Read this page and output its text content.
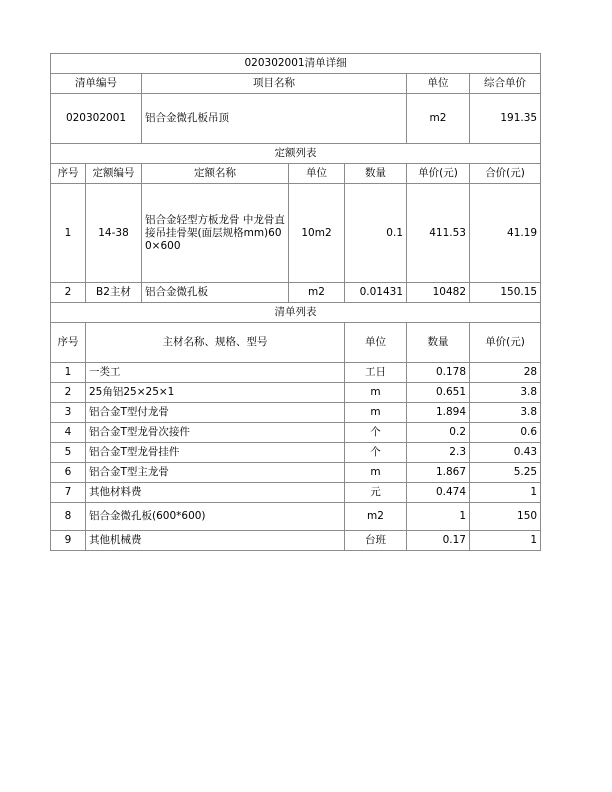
020302001清单详细							
清单编号		项目名称			单位	综合单价	
020302001		铝合金微孔板吊顶			m2	191.35	
定额列表							
序号	定额编号	定额名称	单位	数量	单价(元)	合价(元)	
1	14-38	铝合金轻型方板龙骨 中龙骨直接吊挂骨架(面层规格mm)600×600	10m2	0.1	411.53	41.19	
2	B2主材	铝合金微孔板	m2	0.01431	10482	150.15	
清单列表							
序号	主材名称、规格、型号			单位	数量	单价(元)	
1	一类工			工日	0.178	28	
2	25角铝25×25×1			m	0.651	3.8	
3	铝合金T型付龙骨			m	1.894	3.8	
4	铝合金T型龙骨次接件			个	0.2	0.6	
5	铝合金T型龙骨挂件			个	2.3	0.43	
6	铝合金T型主龙骨			m	1.867	5.25	
7	其他材料费			元	0.474	1	
8	铝合金微孔板(600*600)			m2	1	150	
9	其他机械费			台班	0.17	1	
